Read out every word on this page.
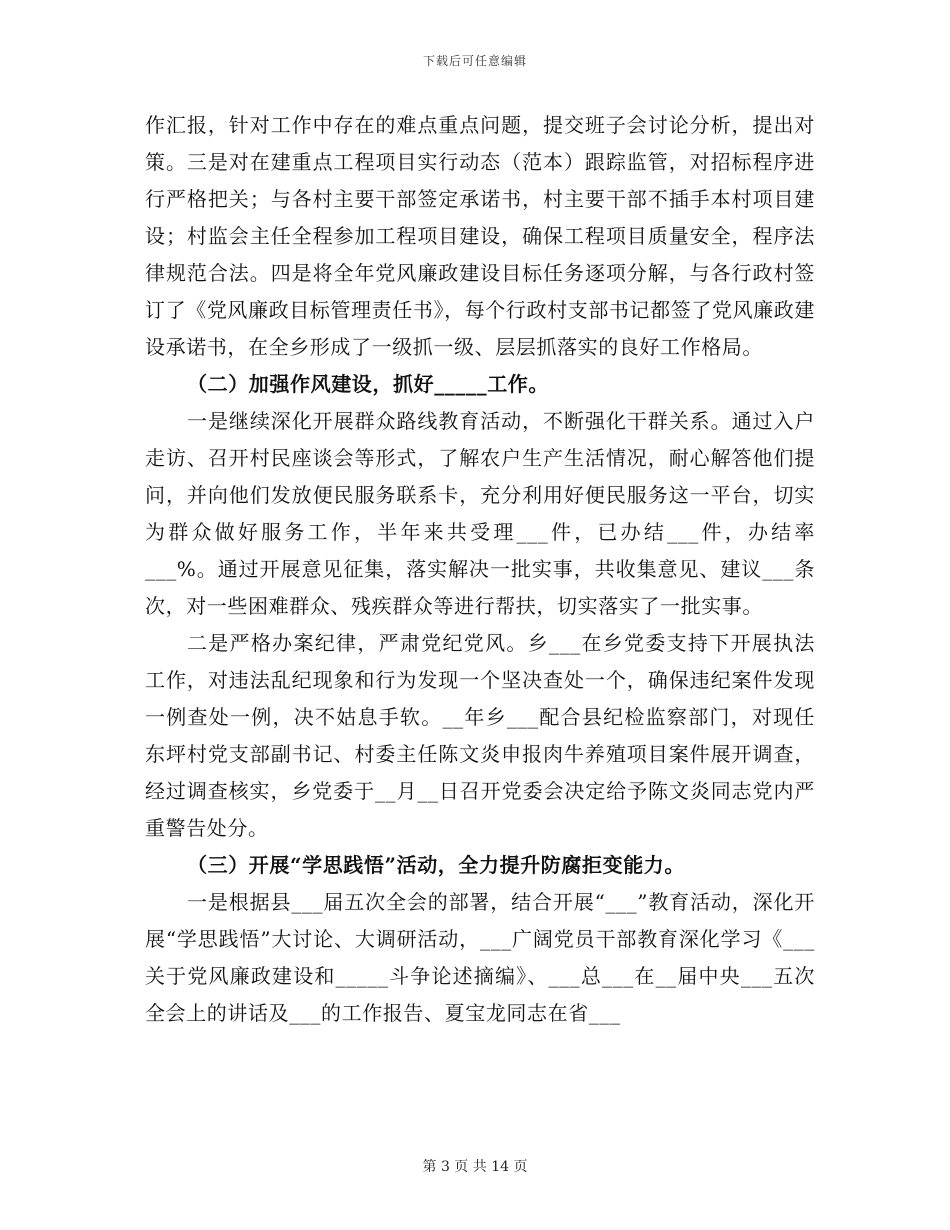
下载后可任意编辑

作汇报，针对工作中存在的难点重点问题，提交班子会讨论分析，提出对策。三是对在建重点工程项目实行动态（范本）跟踪监管，对招标程序进行严格把关；与各村主要干部签定承诺书，村主要干部不插手本村项目建设；村监会主任全程参加工程项目建设，确保工程项目质量安全，程序法律规范合法。四是将全年党风廉政建设目标任务逐项分解，与各行政村签订了《党风廉政目标管理责任书》，每个行政村支部书记都签了党风廉政建设承诺书，在全乡形成了一级抓一级、层层抓落实的良好工作格局。

（二）加强作风建设，抓好_____工作。

一是继续深化开展群众路线教育活动，不断强化干群关系。通过入户走访、召开村民座谈会等形式，了解农户生产生活情况，耐心解答他们提问，并向他们发放便民服务联系卡，充分利用好便民服务这一平台，切实为群众做好服务工作，半年来共受理___件，已办结___件，办结率___%。通过开展意见征集，落实解决一批实事，共收集意见、建议___条次，对一些困难群众、残疾群众等进行帮扶，切实落实了一批实事。

二是严格办案纪律，严肃党纪党风。乡___在乡党委支持下开展执法工作，对违法乱纪现象和行为发现一个坚决查处一个，确保违纪案件发现一例查处一例，决不姑息手软。__年乡___配合县纪检监察部门，对现任东坪村党支部副书记、村委主任陈文炎申报肉牛养殖项目案件展开调查，经过调查核实，乡党委于__月__日召开党委会决定给予陈文炎同志党内严重警告处分。

（三）开展“学思践悟”活动，全力提升防腐拒变能力。

一是根据县___届五次全会的部署，结合开展“___”教育活动，深化开展“学思践悟”大讨论、大调研活动，___广阔党员干部教育深化学习《___关于党风廉政建设和_____斗争论述摘编》、___总___在__届中央___五次全会上的讲话及___的工作报告、夏宝龙同志在省___

第 3 页 共 14 页
